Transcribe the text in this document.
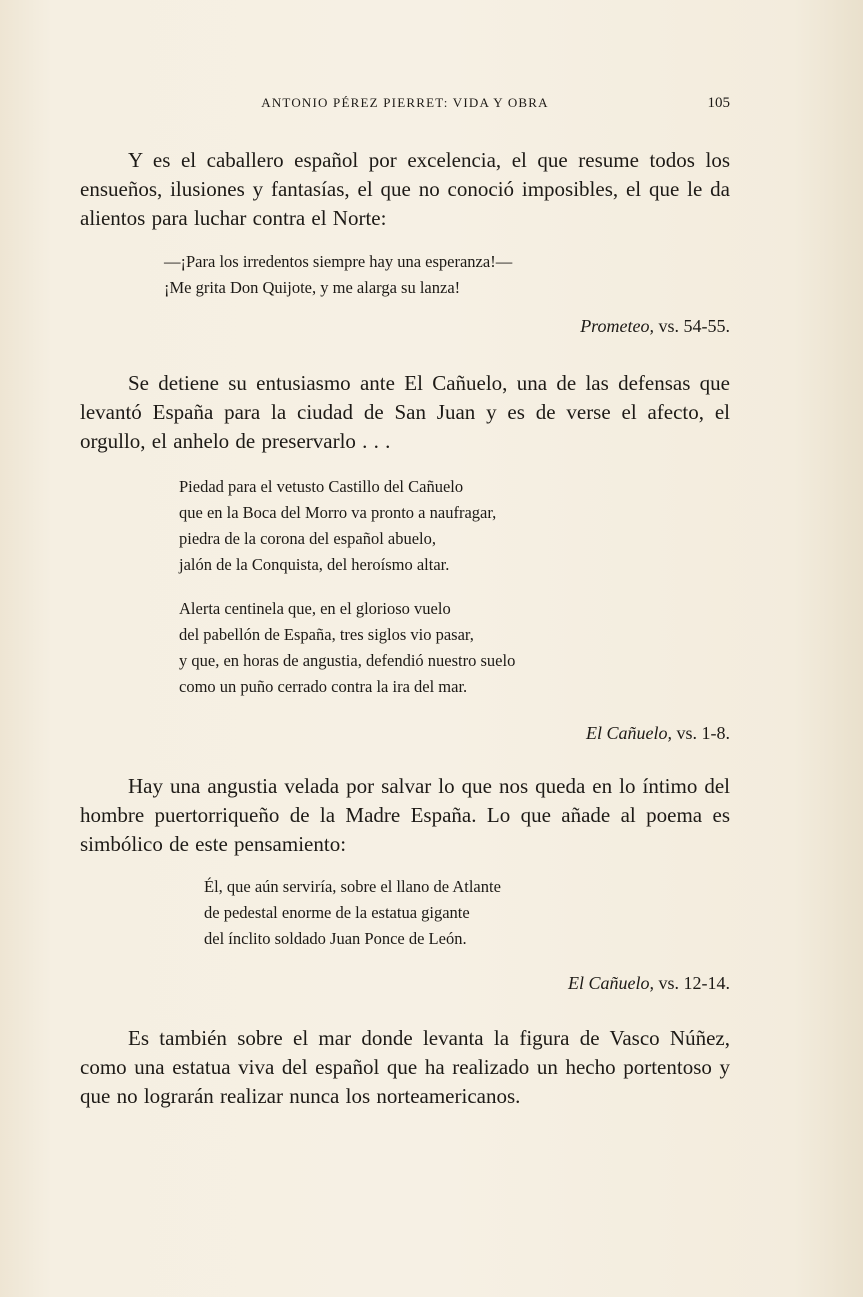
ANTONIO PÉREZ PIERRET: VIDA Y OBRA	105

Y es el caballero español por excelencia, el que resume todos los ensueños, ilusiones y fantasías, el que no conoció imposibles, el que le da alientos para luchar contra el Norte:

—¡Para los irredentos siempre hay una esperanza!—
¡Me grita Don Quijote, y me alarga su lanza!
Prometeo, vs. 54-55.

Se detiene su entusiasmo ante El Cañuelo, una de las defensas que levantó España para la ciudad de San Juan y es de verse el afecto, el orgullo, el anhelo de preservarlo . . .

Piedad para el vetusto Castillo del Cañuelo
que en la Boca del Morro va pronto a naufragar,
piedra de la corona del español abuelo,
jalón de la Conquista, del heroísmo altar.
Alerta centinela que, en el glorioso vuelo
del pabellón de España, tres siglos vio pasar,
y que, en horas de angustia, defendió nuestro suelo
como un puño cerrado contra la ira del mar.
El Cañuelo, vs. 1-8.

Hay una angustia velada por salvar lo que nos queda en lo íntimo del hombre puertorriqueño de la Madre España. Lo que añade al poema es simbólico de este pensamiento:

Él, que aún serviría, sobre el llano de Atlante
de pedestal enorme de la estatua gigante
del ínclito soldado Juan Ponce de León.
El Cañuelo, vs. 12-14.

Es también sobre el mar donde levanta la figura de Vasco Núñez, como una estatua viva del español que ha realizado un hecho portentoso y que no lograrán realizar nunca los norteamericanos.
